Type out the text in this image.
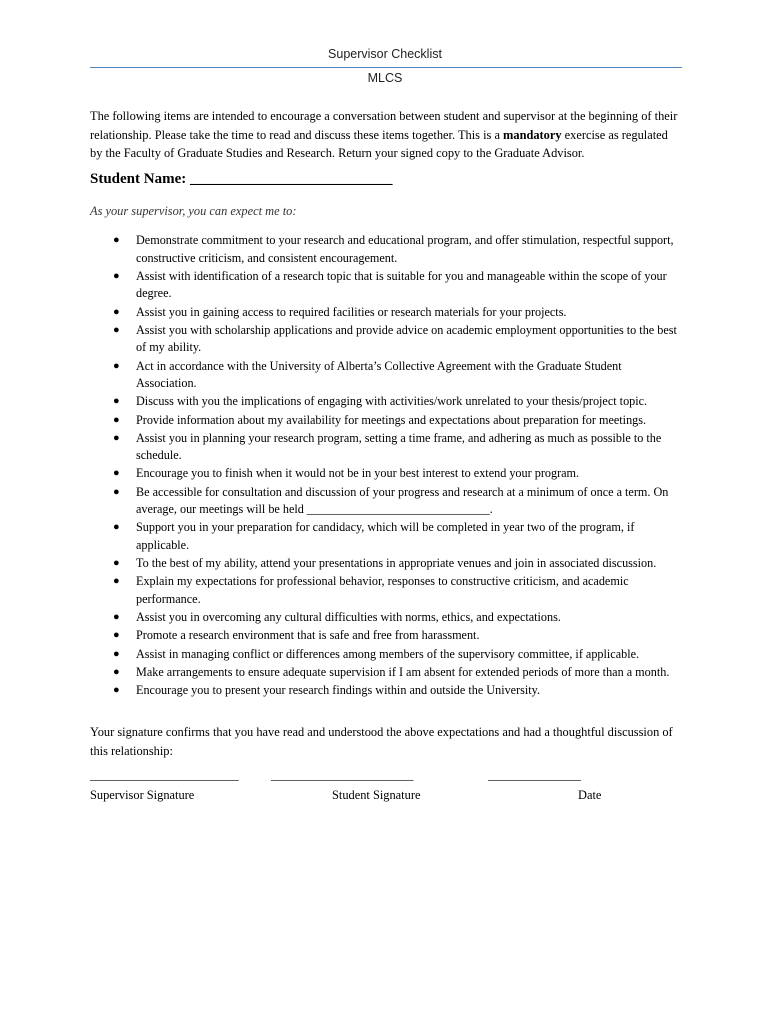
Supervisor Checklist
MLCS
The following items are intended to encourage a conversation between student and supervisor at the beginning of their relationship. Please take the time to read and discuss these items together. This is a mandatory exercise as regulated by the Faculty of Graduate Studies and Research. Return your signed copy to the Graduate Advisor.
Student Name: ___________________________
As your supervisor, you can expect me to:
● Demonstrate commitment to your research and educational program, and offer stimulation, respectful support, constructive criticism, and consistent encouragement.
● Assist with identification of a research topic that is suitable for you and manageable within the scope of your degree.
● Assist you in gaining access to required facilities or research materials for your projects.
● Assist you with scholarship applications and provide advice on academic employment opportunities to the best of my ability.
● Act in accordance with the University of Alberta’s Collective Agreement with the Graduate Student Association.
● Discuss with you the implications of engaging with activities/work unrelated to your thesis/project topic.
● Provide information about my availability for meetings and expectations about preparation for meetings.
● Assist you in planning your research program, setting a time frame, and adhering as much as possible to the schedule.
● Encourage you to finish when it would not be in your best interest to extend your program.
● Be accessible for consultation and discussion of your progress and research at a minimum of once a term. On average, our meetings will be held ______________________________.
● Support you in your preparation for candidacy, which will be completed in year two of the program, if applicable.
● To the best of my ability, attend your presentations in appropriate venues and join in associated discussion.
● Explain my expectations for professional behavior, responses to constructive criticism, and academic performance.
● Assist you in overcoming any cultural difficulties with norms, ethics, and expectations.
● Promote a research environment that is safe and free from harassment.
● Assist in managing conflict or differences among members of the supervisory committee, if applicable.
● Make arrangements to ensure adequate supervision if I am absent for extended periods of more than a month.
● Encourage you to present your research findings within and outside the University.
Your signature confirms that you have read and understood the above expectations and had a thoughtful discussion of this relationship:
________________________	_______________________	_______________
Supervisor Signature	Student Signature	Date
